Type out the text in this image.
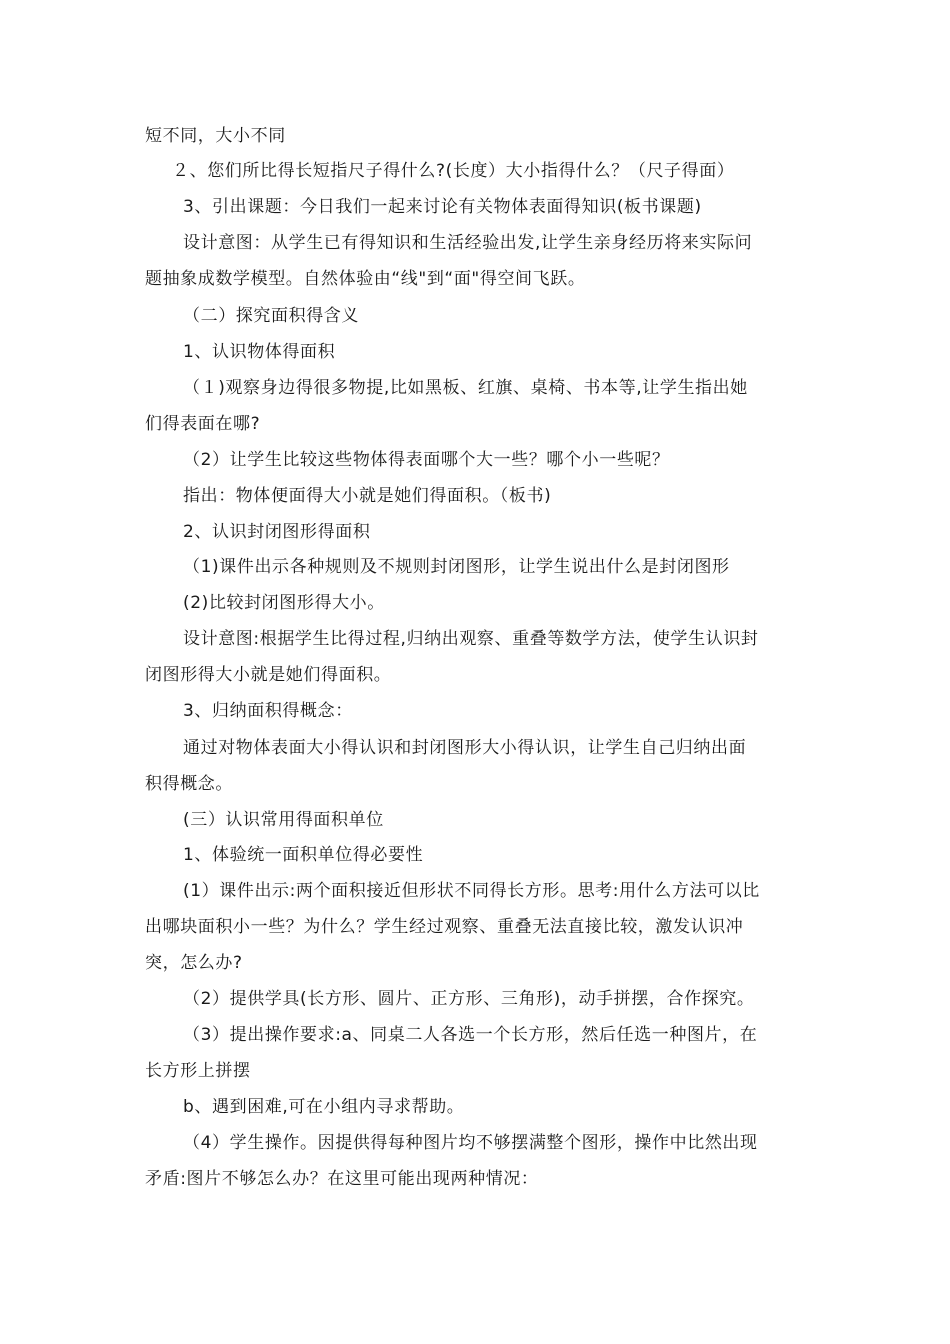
短不同，大小不同
２、您们所比得长短指尺子得什么?(长度）大小指得什么？（尺子得面）
3、引出课题：今日我们一起来讨论有关物体表面得知识(板书课题)
设计意图：从学生已有得知识和生活经验出发,让学生亲身经历将来实际问
题抽象成数学模型。自然体验由“线"到“面"得空间飞跃。
（二）探究面积得含义
1、认识物体得面积
（１)观察身边得很多物提,比如黑板、红旗、桌椅、书本等,让学生指出她
们得表面在哪?
（2）让学生比较这些物体得表面哪个大一些？哪个小一些呢？
指出：物体便面得大小就是她们得面积。（板书)
2、认识封闭图形得面积
（1)课件出示各种规则及不规则封闭图形，让学生说出什么是封闭图形
(2)比较封闭图形得大小。
设计意图:根据学生比得过程,归纳出观察、重叠等数学方法，使学生认识封
闭图形得大小就是她们得面积。
3、归纳面积得概念：
通过对物体表面大小得认识和封闭图形大小得认识，让学生自己归纳出面
积得概念。
(三）认识常用得面积单位
1、体验统一面积单位得必要性
(1）课件出示:两个面积接近但形状不同得长方形。思考:用什么方法可以比
出哪块面积小一些？为什么？学生经过观察、重叠无法直接比较，激发认识冲
突，怎么办?
（2）提供学具(长方形、圆片、正方形、三角形)，动手拼摆，合作探究。
（3）提出操作要求:a、同桌二人各选一个长方形，然后任选一种图片，在
长方形上拼摆
b、遇到困难,可在小组内寻求帮助。
（4）学生操作。因提供得每种图片均不够摆满整个图形，操作中比然出现
矛盾:图片不够怎么办？在这里可能出现两种情况：
